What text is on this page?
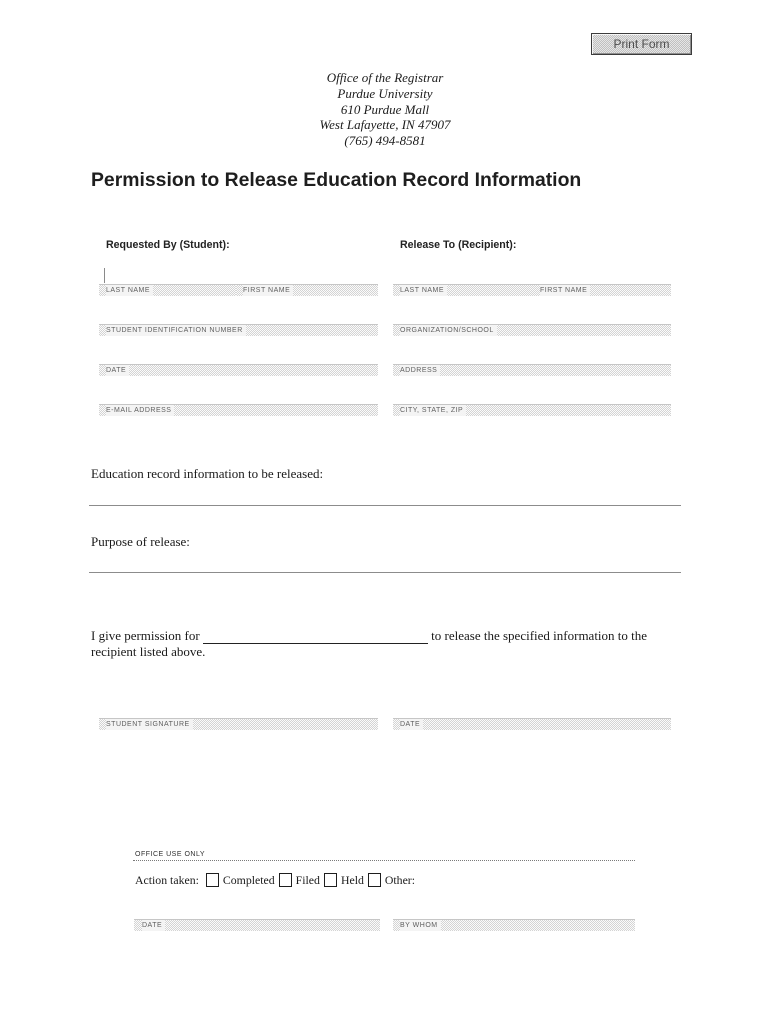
Print Form
Office of the Registrar
Purdue University
610 Purdue Mall
West Lafayette, IN 47907
(765) 494-8581
Permission to Release Education Record Information
Requested By (Student):	Release To (Recipient):
LAST NAME	FIRST NAME	LAST NAME	FIRST NAME
STUDENT IDENTIFICATION NUMBER	ORGANIZATION/SCHOOL
DATE	ADDRESS
E-MAIL ADDRESS	CITY, STATE, ZIP
Education record information to be released:
Purpose of release:

I give permission for	to release the specified information to the recipient listed above.

STUDENT SIGNATURE	DATE
OFFICE USE ONLY
Action taken: Completed Filed Held Other:
DATE	BY WHOM
